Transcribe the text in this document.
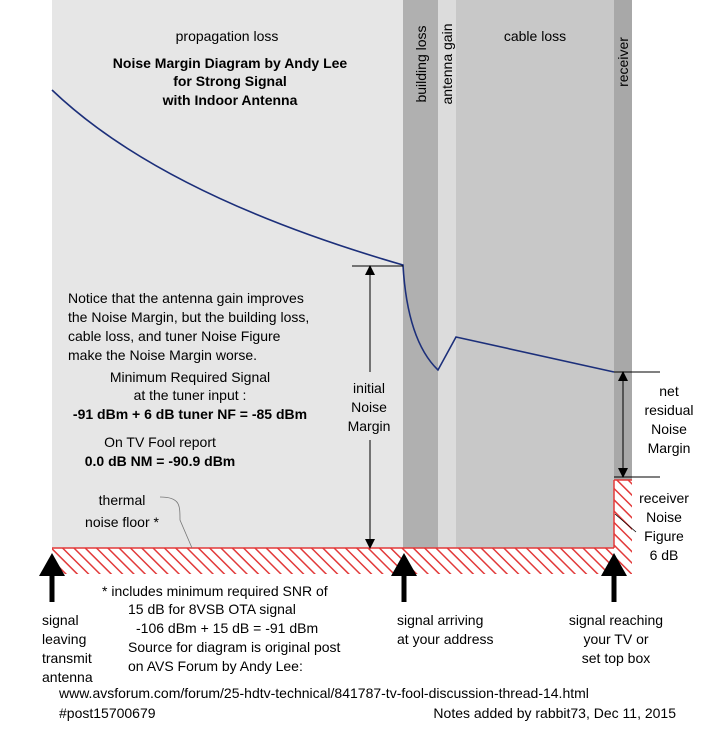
propagation loss	building loss antenna gain	cable loss
receiver
Noise Margin Diagram by Andy Lee
for Strong Signal
with Indoor Antenna
initial
Noise
Margin
net
residual
Noise
Margin
receiver
Noise
Figure
6 dB
Notice that the antenna gain improves
the Noise Margin, but the building loss,
cable loss, and tuner Noise Figure
make the Noise Margin worse.
Minimum Required Signal
at the tuner input :
-91 dBm + 6 dB tuner NF = -85 dBm
On TV Fool report
0.0 dB NM = -90.9 dBm
thermal
noise floor *
signal
leaving
transmit
antenna
signal arriving
at your address
signal reaching
your TV or
set top box
* includes minimum required SNR of
15 dB for 8VSB OTA signal
-106 dBm + 15 dB = -91 dBm
Source for diagram is original post
on AVS Forum by Andy Lee:
www.avsforum.com/forum/25-hdtv-technical/841787-tv-fool-discussion-thread-14.html
#post15700679	Notes added by rabbit73, Dec 11, 2015
